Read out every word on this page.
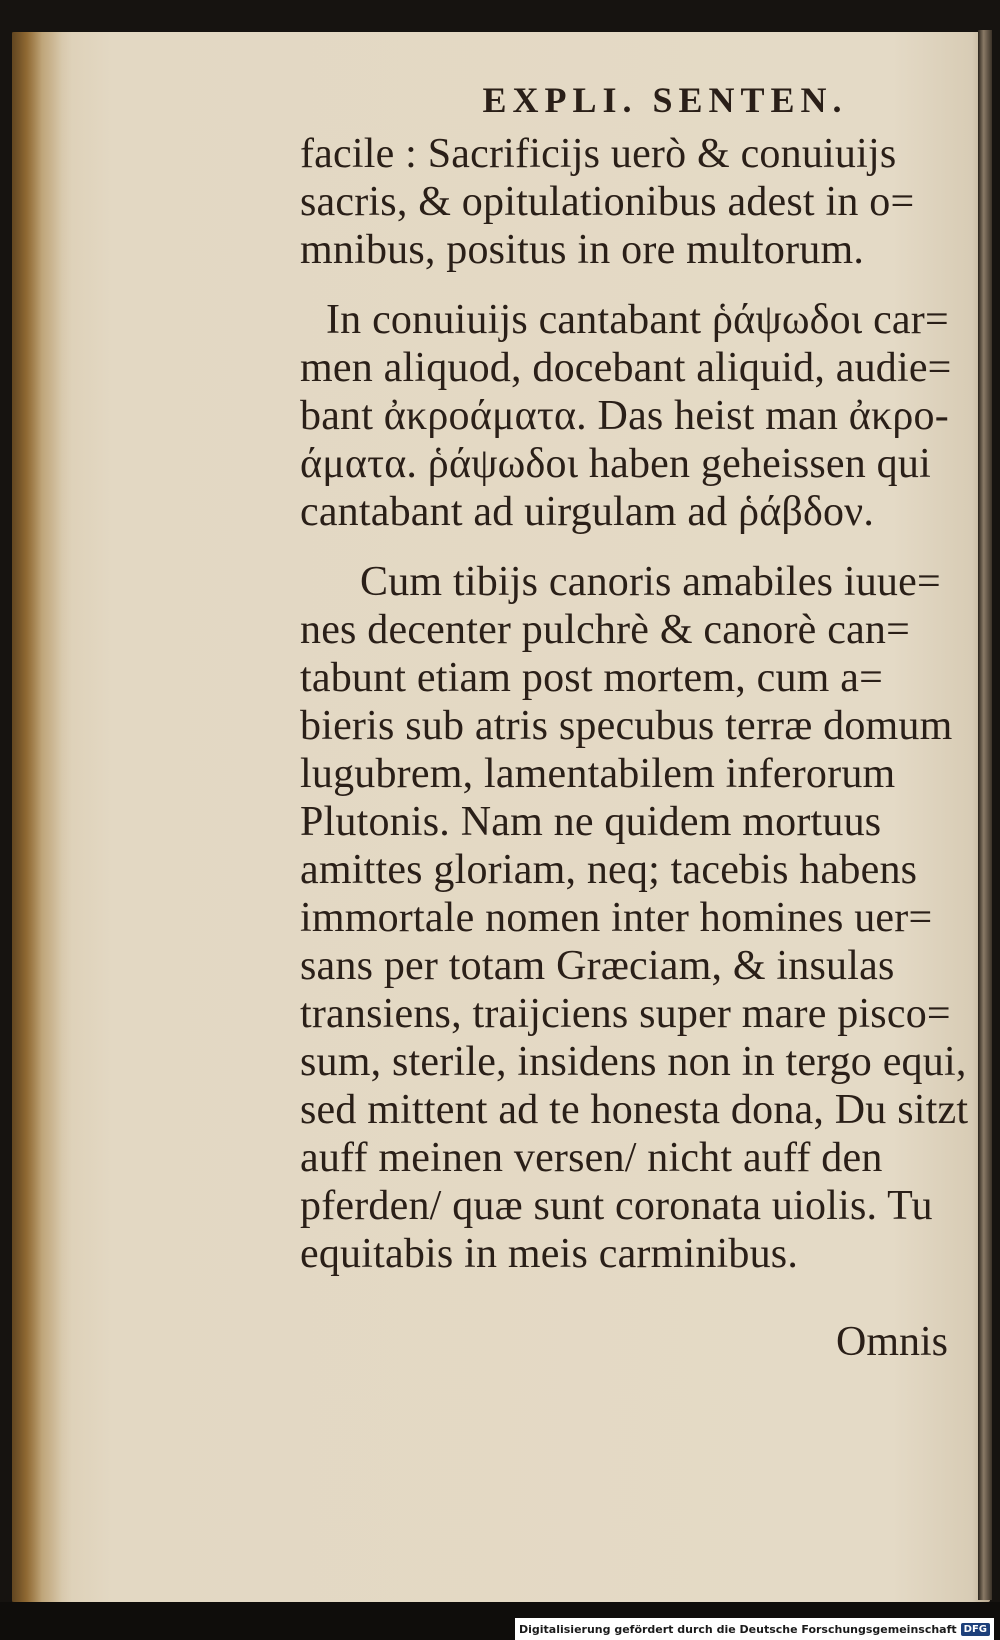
EXPLI. SENTEN.
facile : Sacrificijs uerò & conuiuijs
sacris, & opitulationibus adest in o=
mnibus, positus in ore multorum.
In conuiuijs cantabant ῥάψωδοι car=
men aliquod, docebant aliquid, audie=
bant ἀκροάματα. Das heist man ἀκρο-
άματα. ῥάψωδοι haben geheissen qui
cantabant ad uirgulam ad ῥάβδον.
Cum tibijs canoris amabiles iuue=
nes decenter pulchrè & canorè can=
tabunt etiam post mortem, cum a=
bieris sub atris specubus terræ domum
lugubrem, lamentabilem inferorum
Plutonis. Nam ne quidem mortuus
amittes gloriam, neq; tacebis habens
immortale nomen inter homines uer=
sans per totam Græciam, & insulas
transiens, traijciens super mare pisco=
sum, sterile, insidens non in tergo equi,
sed mittent ad te honesta dona, Du sitzt
auff meinen versen/ nicht auff den
pferden/ quæ sunt coronata uiolis. Tu
equitabis in meis carminibus.
Omnis
Digitalisierung gefördert durch die Deutsche Forschungsgemeinschaft DFG
